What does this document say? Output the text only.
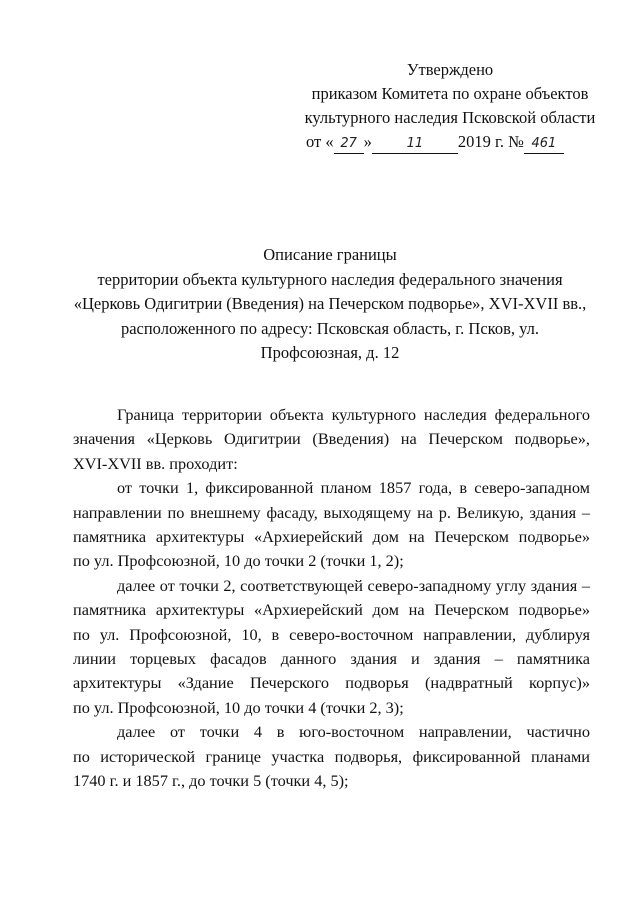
Утверждено
приказом Комитета по охране объектов
культурного наследия Псковской области
от « 27 »	11 2019 г. № 461
Описание границы
территории объекта культурного наследия федерального значения
«Церковь Одигитрии (Введения) на Печерском подворье», XVI-XVII вв.,
расположенного по адресу: Псковская область, г. Псков, ул.
Профсоюзная, д. 12
Граница территории объекта культурного наследия федерального
значения «Церковь Одигитрии (Введения) на Печерском подворье»,
XVI-XVII вв. проходит:
от точки 1, фиксированной планом 1857 года, в северо-западном
направлении по внешнему фасаду, выходящему на р. Великую, здания –
памятника архитектуры «Архиерейский дом на Печерском подворье»
по ул. Профсоюзной, 10 до точки 2 (точки 1, 2);
далее от точки 2, соответствующей северо-западному углу здания –
памятника архитектуры «Архиерейский дом на Печерском подворье»
по ул. Профсоюзной, 10, в северо-восточном направлении, дублируя
линии торцевых фасадов данного здания и здания – памятника
архитектуры «Здание Печерского подворья (надвратный корпус)»
по ул. Профсоюзной, 10 до точки 4 (точки 2, 3);
далее от точки 4 в юго-восточном направлении, частично
по исторической границе участка подворья, фиксированной планами
1740 г. и 1857 г., до точки 5 (точки 4, 5);
